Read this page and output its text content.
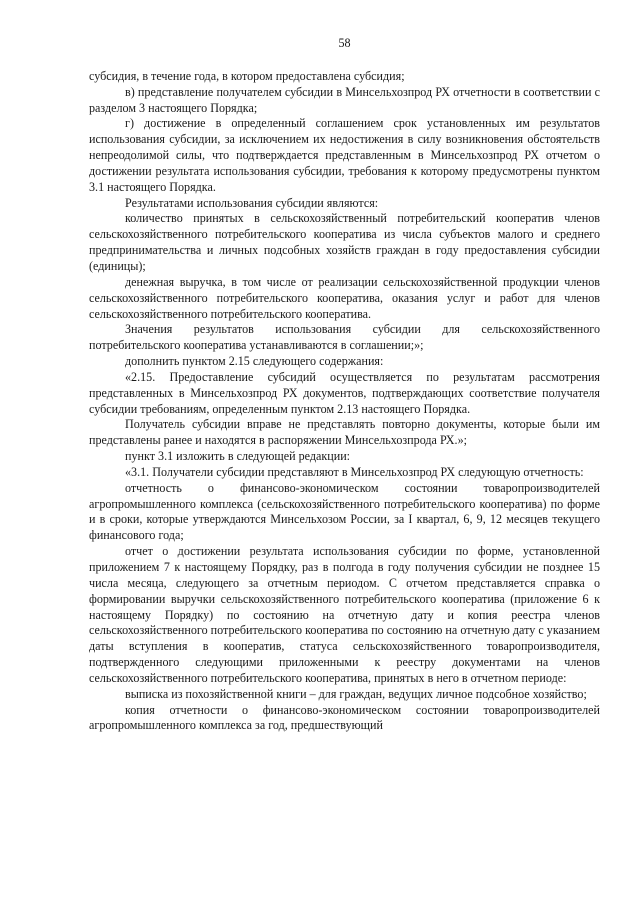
58

субсидия, в течение года, в котором предоставлена субсидия;

в) представление получателем субсидии в Минсельхозпрод РХ отчетности в соответствии с разделом 3 настоящего Порядка;

г) достижение в определенный соглашением срок установленных им результатов использования субсидии, за исключением их недостижения в силу возникновения обстоятельств непреодолимой силы, что подтверждается представленным в Минсельхозпрод РХ отчетом о достижении результата использования субсидии, требования к которому предусмотрены пунктом 3.1 настоящего Порядка.

Результатами использования субсидии являются:

количество принятых в сельскохозяйственный потребительский кооператив членов сельскохозяйственного потребительского кооператива из числа субъектов малого и среднего предпринимательства и личных подсобных хозяйств граждан в году предоставления субсидии (единицы);

денежная выручка, в том числе от реализации сельскохозяйственной продукции членов сельскохозяйственного потребительского кооператива, оказания услуг и работ для членов сельскохозяйственного потребительского кооператива.

Значения результатов использования субсидии для сельскохозяйственного потребительского кооператива устанавливаются в соглашении;»;

дополнить пунктом 2.15 следующего содержания:

«2.15. Предоставление субсидий осуществляется по результатам рассмотрения представленных в Минсельхозпрод РХ документов, подтверждающих соответствие получателя субсидии требованиям, определенным пунктом 2.13 настоящего Порядка.

Получатель субсидии вправе не представлять повторно документы, которые были им представлены ранее и находятся в распоряжении Минсельхозпрода РХ.»;

пункт 3.1 изложить в следующей редакции:

«3.1. Получатели субсидии представляют в Минсельхозпрод РХ следующую отчетность:

отчетность о финансово-экономическом состоянии товаропроизводителей агропромышленного комплекса (сельскохозяйственного потребительского кооператива) по форме и в сроки, которые утверждаются Минсельхозом России, за I квартал, 6, 9, 12 месяцев текущего финансового года;

отчет о достижении результата использования субсидии по форме, установленной приложением 7 к настоящему Порядку, раз в полгода в году получения субсидии не позднее 15 числа месяца, следующего за отчетным периодом. С отчетом представляется справка о формировании выручки сельскохозяйственного потребительского кооператива (приложение 6 к настоящему Порядку) по состоянию на отчетную дату и копия реестра членов сельскохозяйственного потребительского кооператива по состоянию на отчетную дату с указанием даты вступления в кооператив, статуса сельскохозяйственного товаропроизводителя, подтвержденного следующими приложенными к реестру документами на членов сельскохозяйственного потребительского кооператива, принятых в него в отчетном периоде:

выписка из похозяйственной книги – для граждан, ведущих личное подсобное хозяйство;

копия отчетности о финансово-экономическом состоянии товаропроизводителей агропромышленного комплекса за год, предшествующий
